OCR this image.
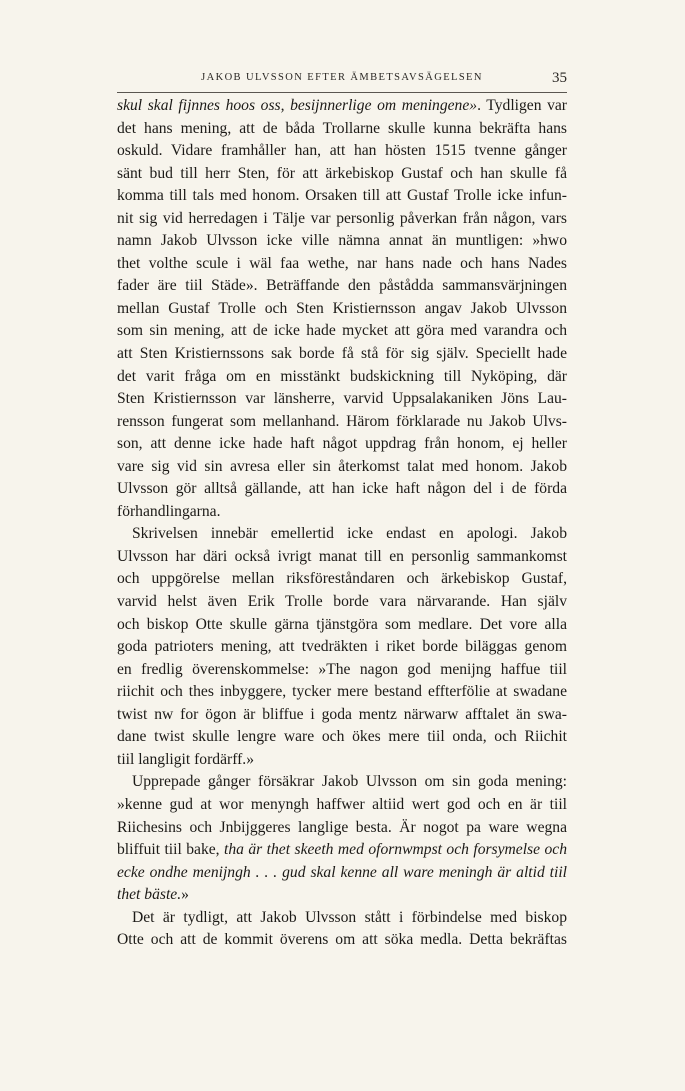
JAKOB ULVSSON EFTER ÄMBETSAVSÄGELSEN	35
skul skal fijnnes hoos oss, besijnnerlige om meningene». Tydligen var
det hans mening, att de båda Trollarne skulle kunna bekräfta hans
oskuld. Vidare framhåller han, att han hösten 1515 tvenne gånger
sänt bud till herr Sten, för att ärkebiskop Gustaf och han skulle få
komma till tals med honom. Orsaken till att Gustaf Trolle icke infun-
nit sig vid herredagen i Tälje var personlig påverkan från någon, vars
namn Jakob Ulvsson icke ville nämna annat än muntligen: »hwo
thet volthe scule i wäl faa wethe, nar hans nade och hans Nades
fader äre tiil Städe». Beträffande den påstådda sammansvärjningen
mellan Gustaf Trolle och Sten Kristiernsson angav Jakob Ulvsson
som sin mening, att de icke hade mycket att göra med varandra och
att Sten Kristiernssons sak borde få stå för sig själv. Speciellt hade
det varit fråga om en misstänkt budskickning till Nyköping, där
Sten Kristiernsson var länsherre, varvid Uppsalakaniken Jöns Lau-
rensson fungerat som mellanhand. Härom förklarade nu Jakob Ulvs-
son, att denne icke hade haft något uppdrag från honom, ej heller
vare sig vid sin avresa eller sin återkomst talat med honom. Jakob
Ulvsson gör alltså gällande, att han icke haft någon del i de förda
förhandlingarna.
Skrivelsen innebär emellertid icke endast en apologi. Jakob
Ulvsson har däri också ivrigt manat till en personlig sammankomst
och uppgörelse mellan riksföreståndaren och ärkebiskop Gustaf,
varvid helst även Erik Trolle borde vara närvarande. Han själv
och biskop Otte skulle gärna tjänstgöra som medlare. Det vore alla
goda patrioters mening, att tvedräkten i riket borde biläggas genom
en fredlig överenskommelse: »The nagon god menijng haffue tiil
riichit och thes inbyggere, tycker mere bestand effterfölie at swadane
twist nw for ögon är bliffue i goda mentz närwarw afftalet än swa-
dane twist skulle lengre ware och ökes mere tiil onda, och Riichit
tiil langligit fordärff.»
Upprepade gånger försäkrar Jakob Ulvsson om sin goda mening:
»kenne gud at wor menyngh haffwer altiid wert god och en är tiil
Riichesins och Jnbijggeres langlige besta. Är nogot pa ware wegna
bliffuit tiil bake, tha är thet skeeth med ofornwmpst och forsymelse och
ecke ondhe menijngh . . . gud skal kenne all ware meningh är altid tiil
thet bäste.»
Det är tydligt, att Jakob Ulvsson stått i förbindelse med biskop
Otte och att de kommit överens om att söka medla. Detta bekräftas
